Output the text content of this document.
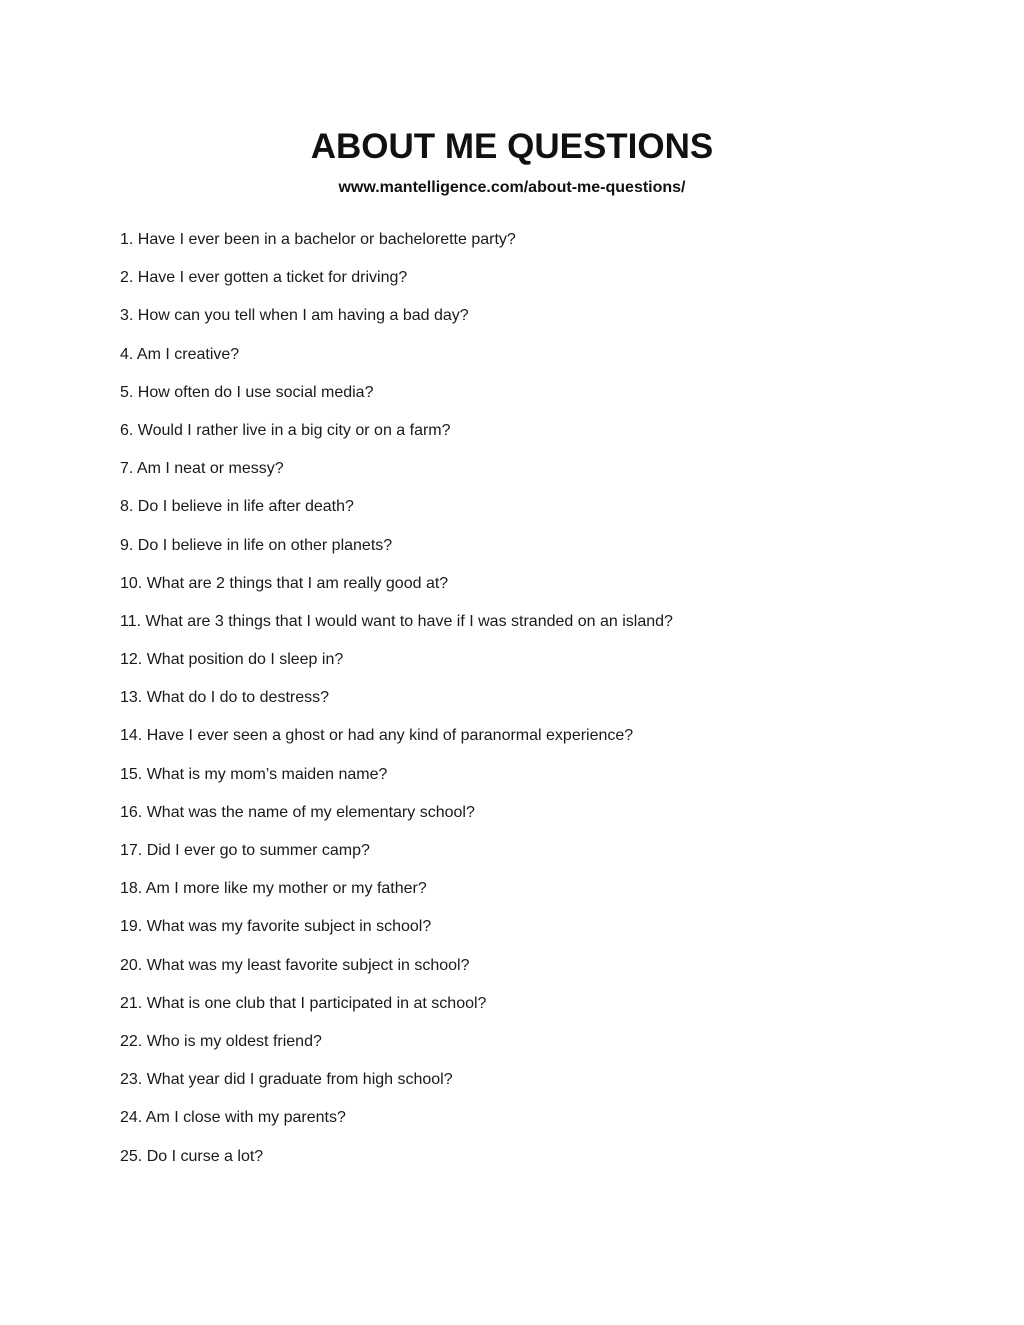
ABOUT ME QUESTIONS
www.mantelligence.com/about-me-questions/
1. Have I ever been in a bachelor or bachelorette party?
2. Have I ever gotten a ticket for driving?
3. How can you tell when I am having a bad day?
4. Am I creative?
5. How often do I use social media?
6. Would I rather live in a big city or on a farm?
7. Am I neat or messy?
8. Do I believe in life after death?
9. Do I believe in life on other planets?
10. What are 2 things that I am really good at?
11. What are 3 things that I would want to have if I was stranded on an island?
12. What position do I sleep in?
13. What do I do to destress?
14. Have I ever seen a ghost or had any kind of paranormal experience?
15. What is my mom’s maiden name?
16. What was the name of my elementary school?
17. Did I ever go to summer camp?
18. Am I more like my mother or my father?
19. What was my favorite subject in school?
20. What was my least favorite subject in school?
21. What is one club that I participated in at school?
22. Who is my oldest friend?
23. What year did I graduate from high school?
24. Am I close with my parents?
25. Do I curse a lot?
